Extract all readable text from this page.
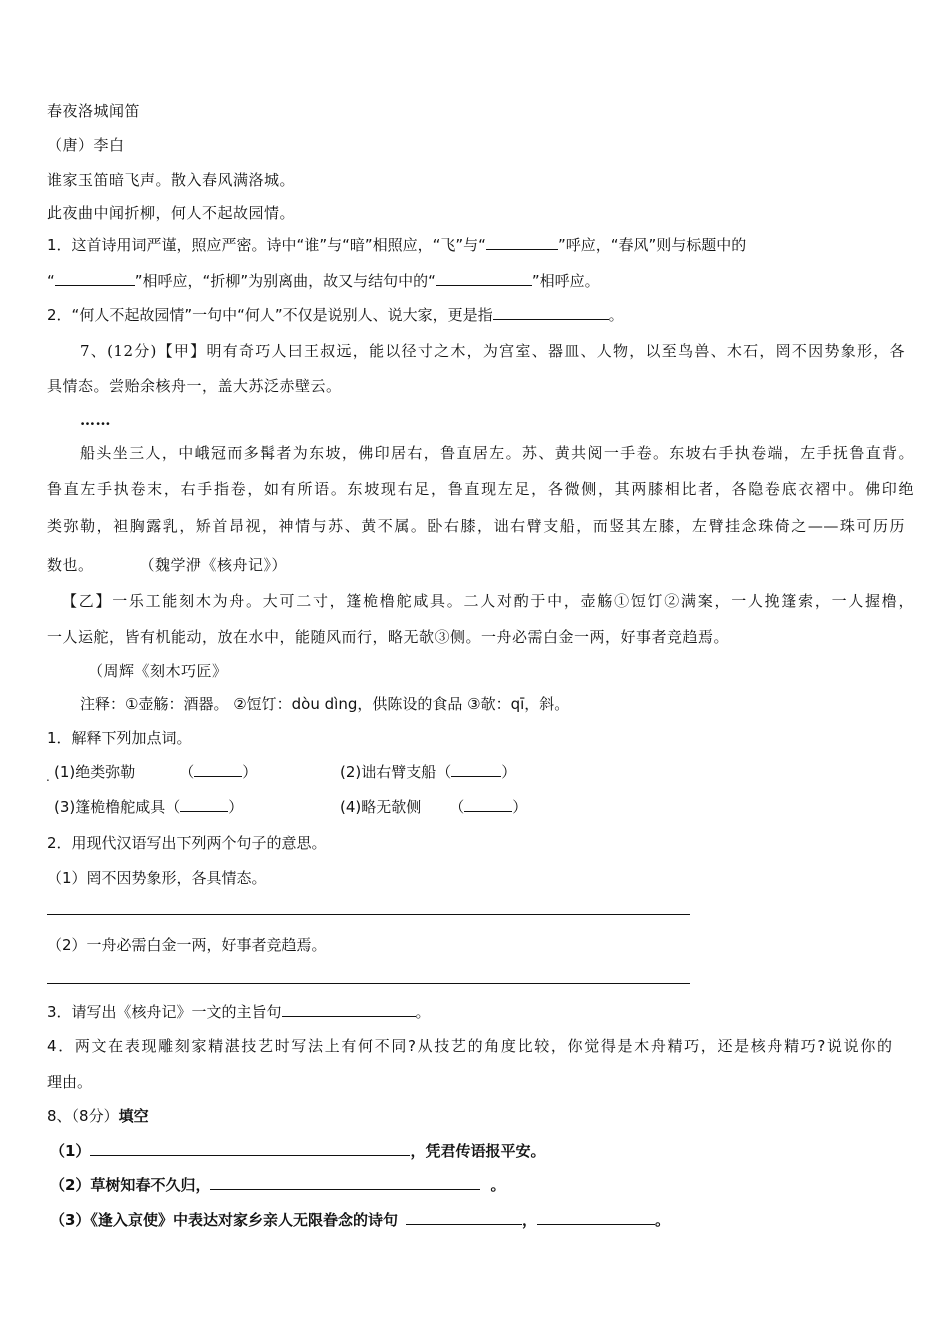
春夜洛城闻笛
（唐）李白
谁家玉笛暗飞声。散入春风满洛城。
此夜曲中闻折柳，何人不起故园情。
1．这首诗用词严谨，照应严密。诗中“谁”与“暗”相照应，“飞”与“	”呼应，“春风”则与标题中的
“	”相呼应，“折柳”为别离曲，故又与结句中的“	”相呼应。
2．“何人不起故园情”一句中“何人”不仅是说别人、说大家，更是指	。
7、(12分)【甲】明有奇巧人曰王叔远，能以径寸之木，为宫室、器皿、人物，以至鸟兽、木石，罔不因势象形，各
具情态。尝贻余核舟一，盖大苏泛赤壁云。
……
船头坐三人，中峨冠而多髯者为东坡，佛印居右，鲁直居左。苏、黄共阅一手卷。东坡右手执卷端，左手抚鲁直背。
鲁直左手执卷末，右手指卷，如有所语。东坡现右足，鲁直现左足，各微侧，其两膝相比者，各隐卷底衣褶中。佛印绝
类弥勒，袒胸露乳，矫首昂视，神情与苏、黄不属。卧右膝，诎右臂支船，而竖其左膝，左臂挂念珠倚之——珠可历历
数也。	（魏学洢《核舟记》）
【乙】一乐工能刻木为舟。大可二寸，篷桅橹舵咸具。二人对酌于中，壶觞①饾饤②满案，一人挽篷索，一人握橹，
一人运舵，皆有机能动，放在水中，能随风而行，略无欹③侧。一舟必需白金一两，好事者竞趋焉。
（周辉《刻木巧匠》
注释：①壶觞：酒器。 ②饾饤：dòu dìng，供陈设的食品 ③欹：qī，斜。
1．解释下列加点词。
. (1)绝类弥勒	（	）	(2)诎右臂支船（	）
(3)篷桅橹舵咸具（	）	(4)略无欹侧 （	）
2．用现代汉语写出下列两个句子的意思。
（1）罔不因势象形，各具情态。
（2）一舟必需白金一两，好事者竞趋焉。
3．请写出《核舟记》一文的主旨句	。
4．两文在表现雕刻家精湛技艺时写法上有何不同?从技艺的角度比较，你觉得是木舟精巧，还是核舟精巧?说说你的
理由。
8、（8分）填空
（1）	，凭君传语报平安。
（2）草树知春不久归，	。
（3）《逢入京使》中表达对家乡亲人无限眷念的诗句	，	。
